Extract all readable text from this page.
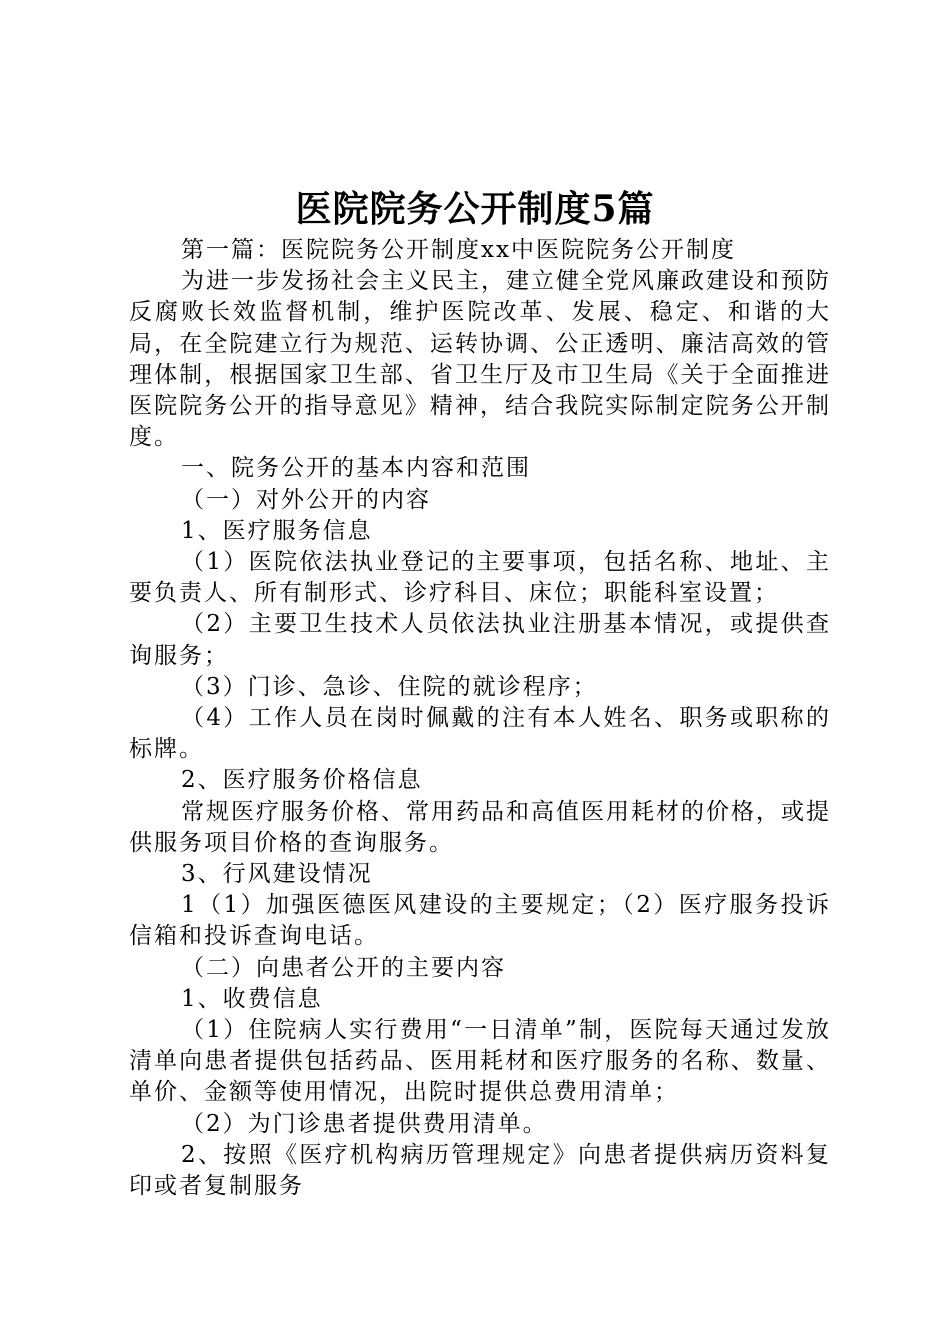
医院院务公开制度5篇

第一篇：医院院务公开制度xx中医院院务公开制度

为进一步发扬社会主义民主，建立健全党风廉政建设和预防反腐败长效监督机制，维护医院改革、发展、稳定、和谐的大局，在全院建立行为规范、运转协调、公正透明、廉洁高效的管理体制，根据国家卫生部、省卫生厅及市卫生局《关于全面推进医院院务公开的指导意见》精神，结合我院实际制定院务公开制度。

一、院务公开的基本内容和范围

（一）对外公开的内容

1、医疗服务信息

（1）医院依法执业登记的主要事项，包括名称、地址、主要负责人、所有制形式、诊疗科目、床位；职能科室设置；

（2）主要卫生技术人员依法执业注册基本情况，或提供查询服务；

（3）门诊、急诊、住院的就诊程序；

（4）工作人员在岗时佩戴的注有本人姓名、职务或职称的标牌。

2、医疗服务价格信息

常规医疗服务价格、常用药品和高值医用耗材的价格，或提供服务项目价格的查询服务。

3、行风建设情况

1（1）加强医德医风建设的主要规定；（2）医疗服务投诉信箱和投诉查询电话。

（二）向患者公开的主要内容

1、收费信息

（1）住院病人实行费用“一日清单”制，医院每天通过发放清单向患者提供包括药品、医用耗材和医疗服务的名称、数量、单价、金额等使用情况，出院时提供总费用清单；

（2）为门诊患者提供费用清单。

2、按照《医疗机构病历管理规定》向患者提供病历资料复印或者复制服务
